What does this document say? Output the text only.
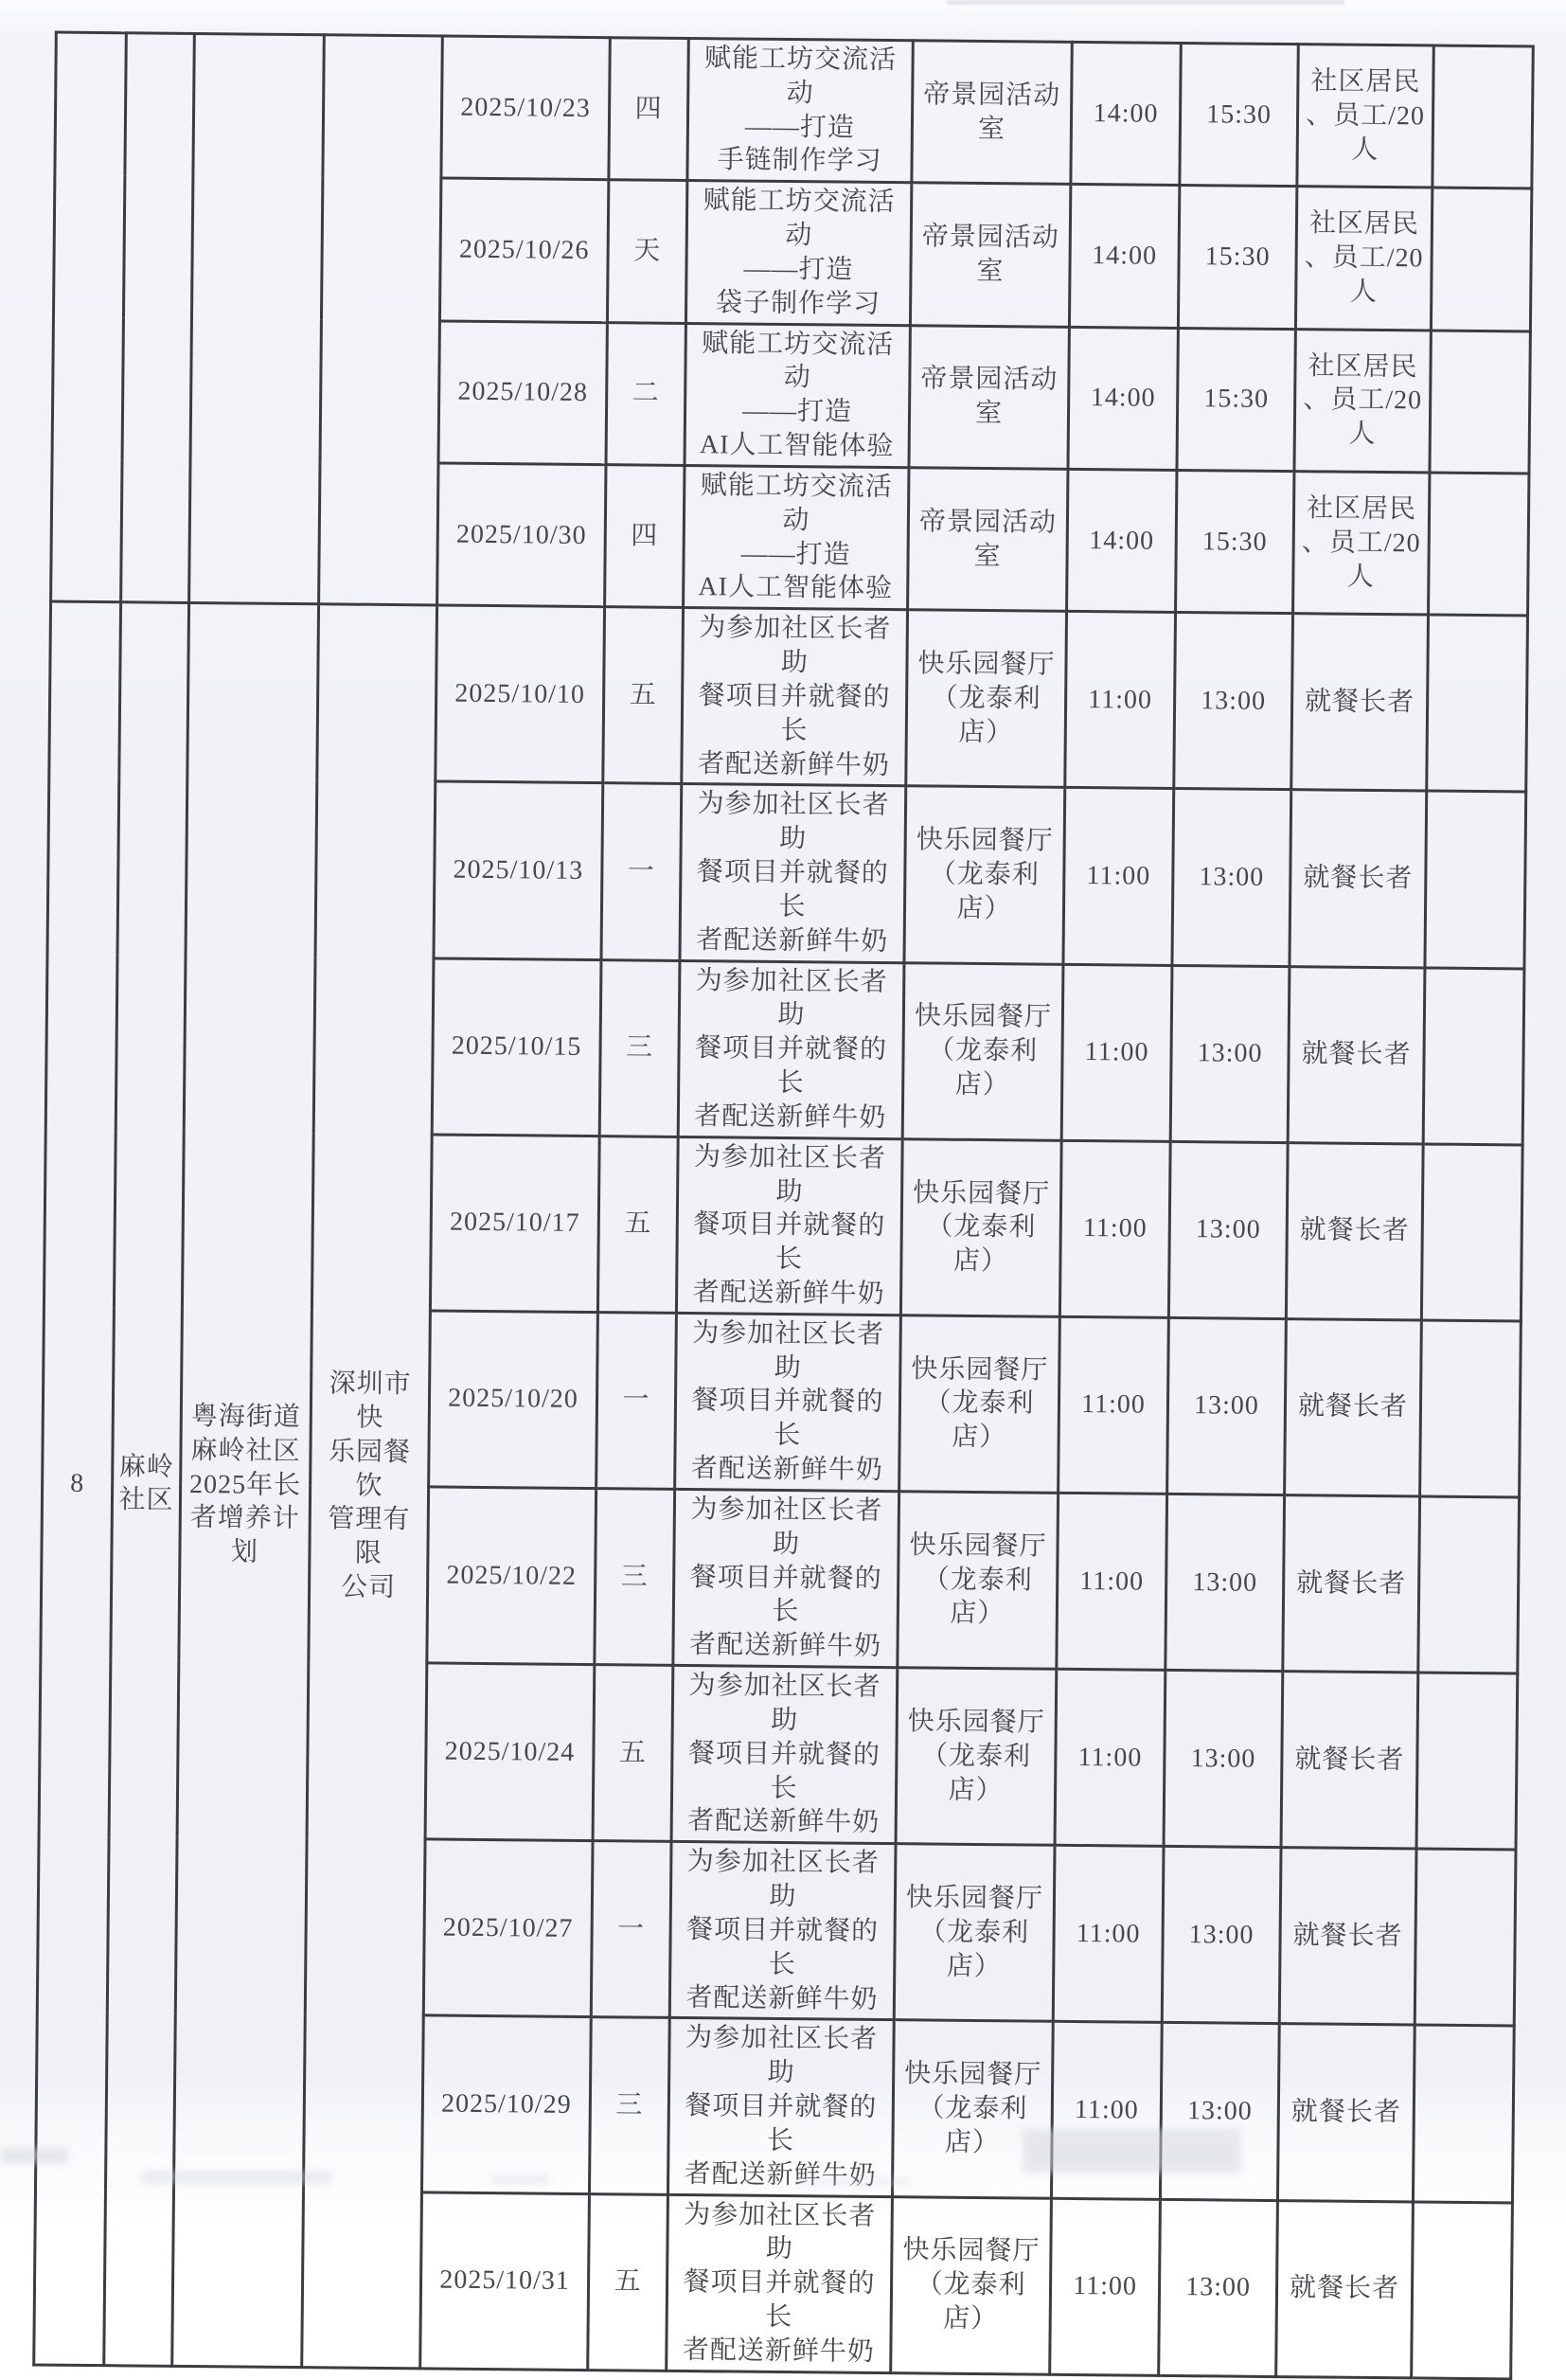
				2025/10/23	四	赋能工坊交流活动
——打造
手链制作学习	帝景园活动
室	14:00	15:30	社区居民
、员工/20
人	
				2025/10/26	天	赋能工坊交流活动
——打造
袋子制作学习	帝景园活动
室	14:00	15:30	社区居民
、员工/20
人	
				2025/10/28	二	赋能工坊交流活动
——打造
AI人工智能体验	帝景园活动
室	14:00	15:30	社区居民
、员工/20
人	
				2025/10/30	四	赋能工坊交流活动
——打造
AI人工智能体验	帝景园活动
室	14:00	15:30	社区居民
、员工/20
人	
8	麻岭
社区	粤海街道
麻岭社区
2025年长
者增养计
划	深圳市快
乐园餐饮
管理有限
公司	2025/10/10	五	为参加社区长者助
餐项目并就餐的长
者配送新鲜牛奶	快乐园餐厅
（龙泰利
店）	11:00	13:00	就餐长者	
				2025/10/13	一	为参加社区长者助
餐项目并就餐的长
者配送新鲜牛奶	快乐园餐厅
（龙泰利
店）	11:00	13:00	就餐长者	
				2025/10/15	三	为参加社区长者助
餐项目并就餐的长
者配送新鲜牛奶	快乐园餐厅
（龙泰利
店）	11:00	13:00	就餐长者	
				2025/10/17	五	为参加社区长者助
餐项目并就餐的长
者配送新鲜牛奶	快乐园餐厅
（龙泰利
店）	11:00	13:00	就餐长者	
				2025/10/20	一	为参加社区长者助
餐项目并就餐的长
者配送新鲜牛奶	快乐园餐厅
（龙泰利
店）	11:00	13:00	就餐长者	
				2025/10/22	三	为参加社区长者助
餐项目并就餐的长
者配送新鲜牛奶	快乐园餐厅
（龙泰利
店）	11:00	13:00	就餐长者	
				2025/10/24	五	为参加社区长者助
餐项目并就餐的长
者配送新鲜牛奶	快乐园餐厅
（龙泰利
店）	11:00	13:00	就餐长者	
				2025/10/27	一	为参加社区长者助
餐项目并就餐的长
者配送新鲜牛奶	快乐园餐厅
（龙泰利
店）	11:00	13:00	就餐长者	
				2025/10/29	三	为参加社区长者助
餐项目并就餐的长
者配送新鲜牛奶	快乐园餐厅
（龙泰利
店）	11:00	13:00	就餐长者	
				2025/10/31	五	为参加社区长者助
餐项目并就餐的长
者配送新鲜牛奶	快乐园餐厅
（龙泰利
店）	11:00	13:00	就餐长者	
